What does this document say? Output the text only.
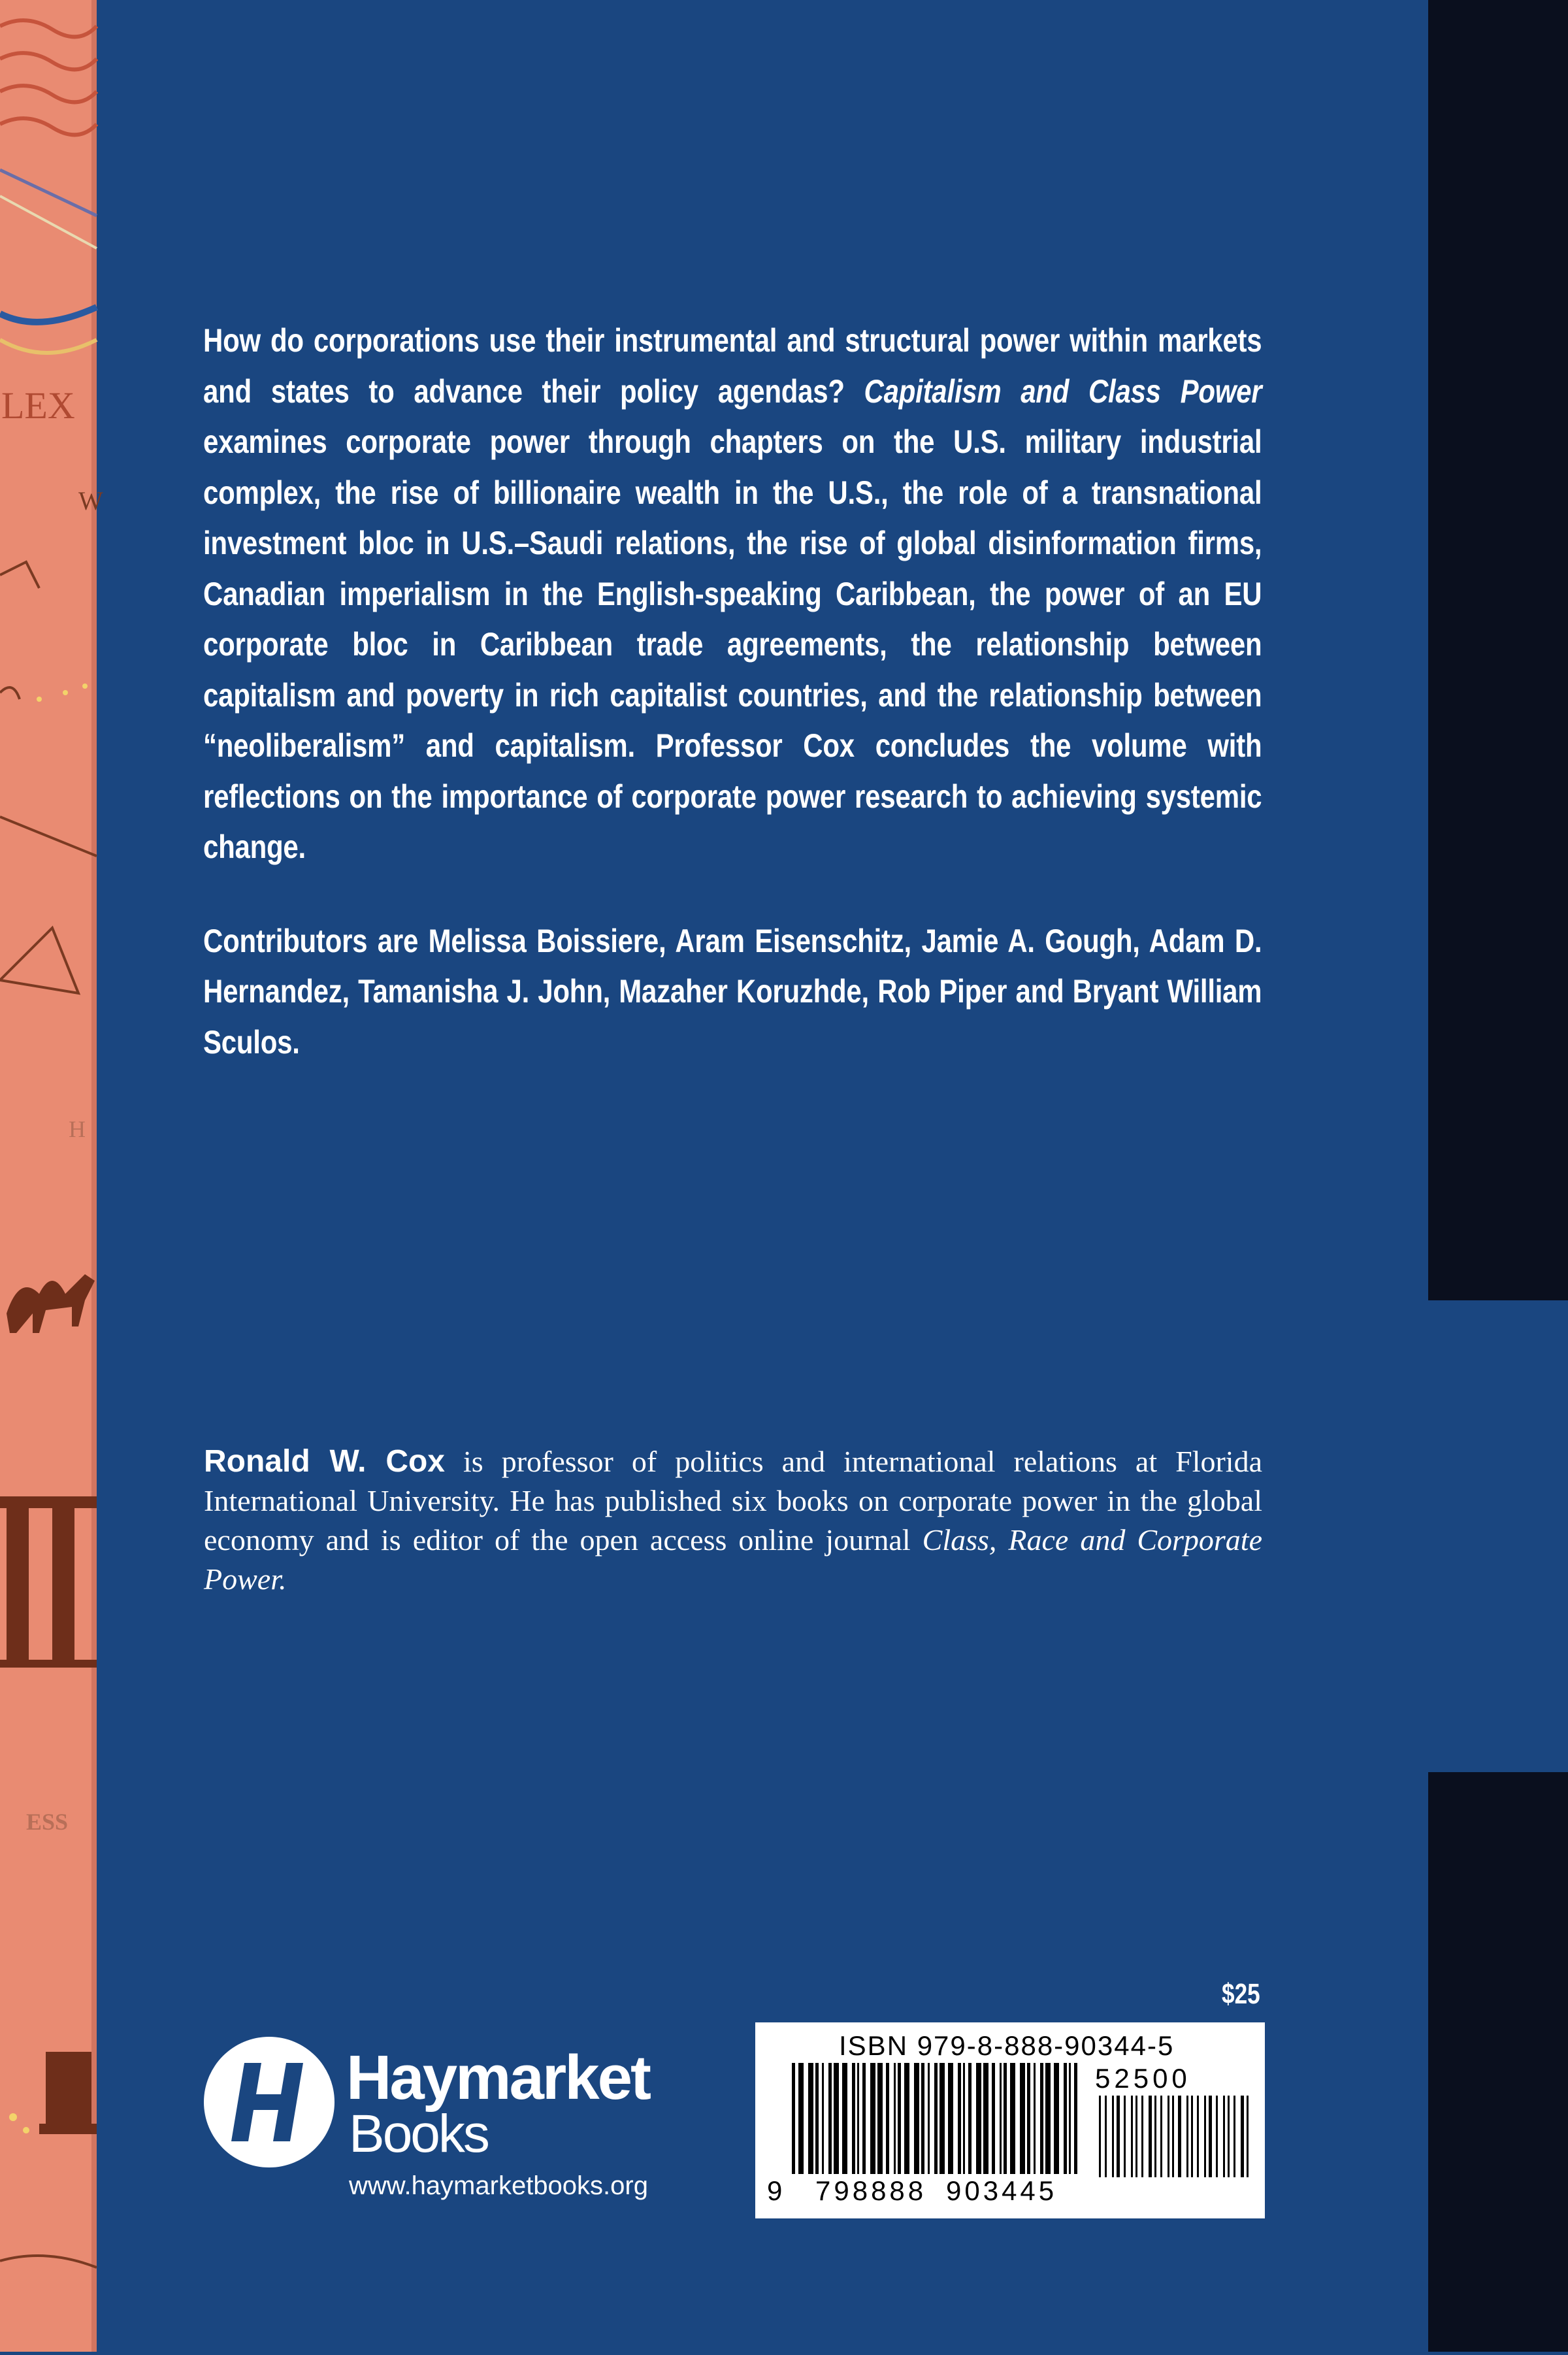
LEX
W
H
ESS

How do corporations use their instrumental and structural power within markets and states to advance their policy agendas? Capitalism and Class Power examines corporate power through chapters on the U.S. military industrial complex, the rise of billionaire wealth in the U.S., the role of a transnational investment bloc in U.S.–Saudi relations, the rise of global disinformation firms, Canadian imperialism in the English-speaking Caribbean, the power of an EU corporate bloc in Caribbean trade agreements, the relationship between capitalism and poverty in rich capitalist countries, and the relationship between “neoliberalism” and capitalism. Professor Cox concludes the volume with reflections on the importance of corporate power research to achieving systemic change.

Contributors are Melissa Boissiere, Aram Eisenschitz, Jamie A. Gough, Adam D. Hernandez, Tamanisha J. John, Mazaher Koruzhde, Rob Piper and Bryant William Sculos.

Ronald W. Cox is professor of politics and international relations at Florida International University. He has published six books on corporate power in the global economy and is editor of the open access online journal Class, Race and Corporate Power.
Haymarket
Books
www.haymarketbooks.org
$25
ISBN 979-8-888-90344-5
52500
9 798888 903445
